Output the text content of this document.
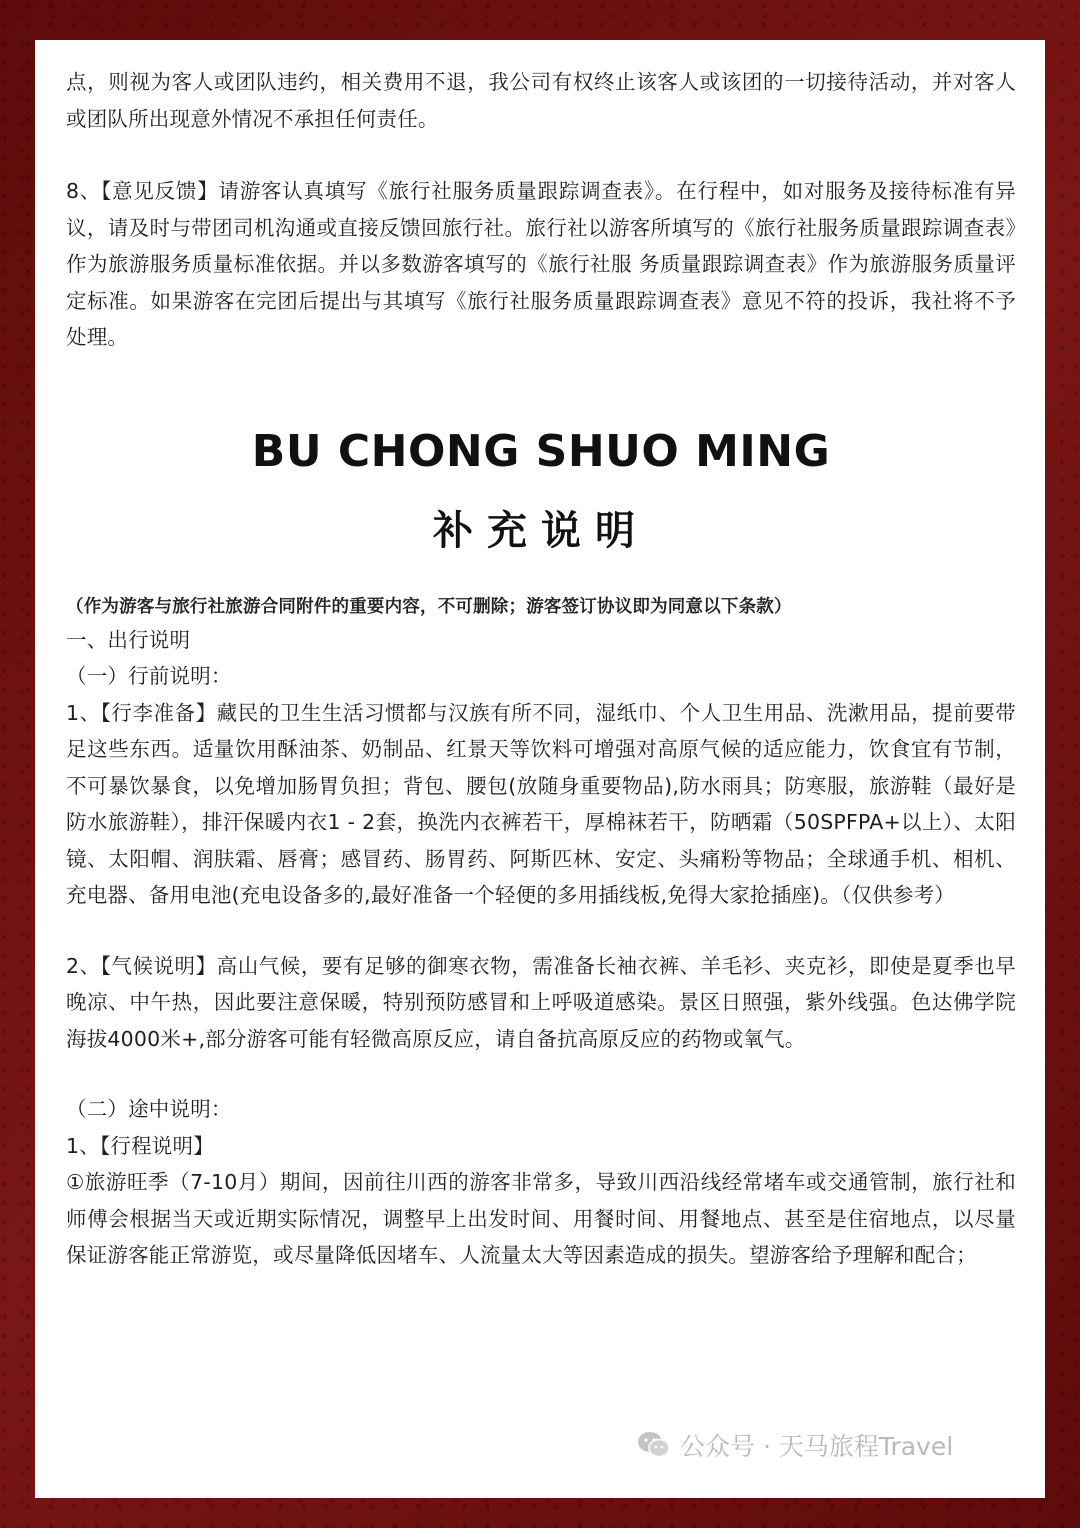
点，则视为客人或团队违约，相关费用不退，我公司有权终止该客人或该团的一切接待活动，并对客人或团队所出现意外情况不承担任何责任。

8、【意见反馈】请游客认真填写《旅行社服务质量跟踪调查表》。在行程中，如对服务及接待标准有异议，请及时与带团司机沟通或直接反馈回旅行社。旅行社以游客所填写的《旅行社服务质量跟踪调查表》作为旅游服务质量标准依据。并以多数游客填写的《旅行社服 务质量跟踪调查表》作为旅游服务质量评定标准。如果游客在完团后提出与其填写《旅行社服务质量跟踪调查表》意见不符的投诉，我社将不予处理。

BU CHONG SHUO MING
补充说明

（作为游客与旅行社旅游合同附件的重要内容，不可删除；游客签订协议即为同意以下条款）

一、出行说明

（一）行前说明：

1、【行李准备】藏民的卫生生活习惯都与汉族有所不同，湿纸巾、个人卫生用品、洗漱用品，提前要带足这些东西。适量饮用酥油茶、奶制品、红景天等饮料可增强对高原气候的适应能力，饮食宜有节制，不可暴饮暴食，以免增加肠胃负担；背包、腰包(放随身重要物品),防水雨具；防寒服，旅游鞋（最好是防水旅游鞋），排汗保暖内衣1 - 2套，换洗内衣裤若干，厚棉袜若干，防晒霜（50SPFPA+以上）、太阳镜、太阳帽、润肤霜、唇膏；感冒药、肠胃药、阿斯匹林、安定、头痛粉等物品；全球通手机、相机、充电器、备用电池(充电设备多的,最好准备一个轻便的多用插线板,免得大家抢插座)。（仅供参考）

2、【气候说明】高山气候，要有足够的御寒衣物，需准备长袖衣裤、羊毛衫、夹克衫，即使是夏季也早晚凉、中午热，因此要注意保暖，特别预防感冒和上呼吸道感染。景区日照强，紫外线强。色达佛学院海拔4000米+,部分游客可能有轻微高原反应，请自备抗高原反应的药物或氧气。

（二）途中说明：

1、【行程说明】

①旅游旺季（7-10月）期间，因前往川西的游客非常多，导致川西沿线经常堵车或交通管制，旅行社和师傅会根据当天或近期实际情况，调整早上出发时间、用餐时间、用餐地点、甚至是住宿地点，以尽量保证游客能正常游览，或尽量降低因堵车、人流量太大等因素造成的损失。望游客给予理解和配合；

公众号 · 天马旅程Travel
